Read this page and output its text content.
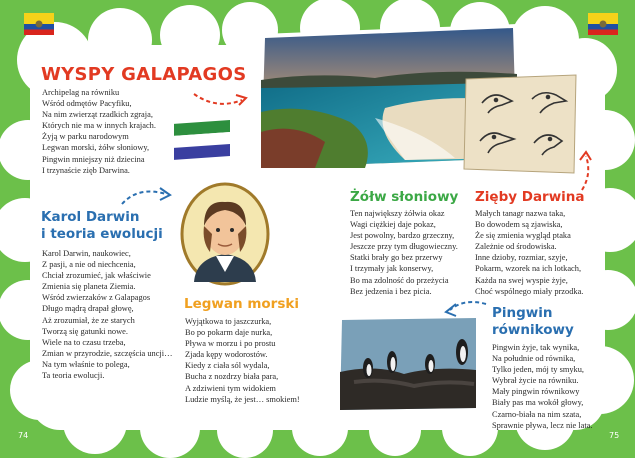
WYSPY GALAPAGOS
Archipelag na równiku
Wśród odmętów Pacyfiku,
Na nim zwierząt rzadkich zgraja,
Których nie ma w innych krajach.
Żyją w parku narodowym
Legwan morski, żółw słoniowy,
Pingwin mniejszy niż dziecina
I trzynaście zięb Darwina.
Karol Darwin
i teoria ewolucji
Karol Darwin, naukowiec,
Z pasji, a nie od niechcenia,
Chciał zrozumieć, jak właściwie
Zmienia się planeta Ziemia.
Wśród zwierzaków z Galapagos
Długo mądrą drapał głowę,
Aż zrozumiał, że ze starych
Tworzą się gatunki nowe.
Wiele na to czasu trzeba,
Zmian w przyrodzie, szczęścia uncji…
Na tym właśnie to polega,
Ta teoria ewolucji.
Legwan morski
Wyjątkowa to jaszczurka,
Bo po pokarm daje nurka,
Pływa w morzu i po prostu
Zjada kępy wodorostów.
Kiedy z ciała sól wydala,
Bucha z nozdrzy biała para,
A zdziwieni tym widokiem
Ludzie myślą, że jest… smokiem!
Żółw słoniowy
Ten największy żółwia okaz
Wagi ciężkiej daje pokaz,
Jest powolny, bardzo grzeczny,
Jeszcze przy tym długowieczny.
Statki brały go bez przerwy
I trzymały jak konserwy,
Bo ma zdolność do przeżycia
Bez jedzenia i bez picia.
Zięby Darwina
Małych tanagr nazwa taka,
Bo dowodem są zjawiska,
Że się zmienia wygląd ptaka
Zależnie od środowiska.
Inne dzioby, rozmiar, szyje,
Pokarm, wzorek na ich lotkach,
Każda na swej wyspie żyje,
Choć wspólnego miały przodka.
Pingwin
równikowy
Pingwin żyje, tak wynika,
Na południe od równika,
Tylko jeden, mój ty smyku,
Wybrał życie na równiku.
Mały pingwin równikowy
Biały pas ma wokół głowy,
Czarno-biała na nim szata,
Sprawnie pływa, lecz nie lata.
74	75
